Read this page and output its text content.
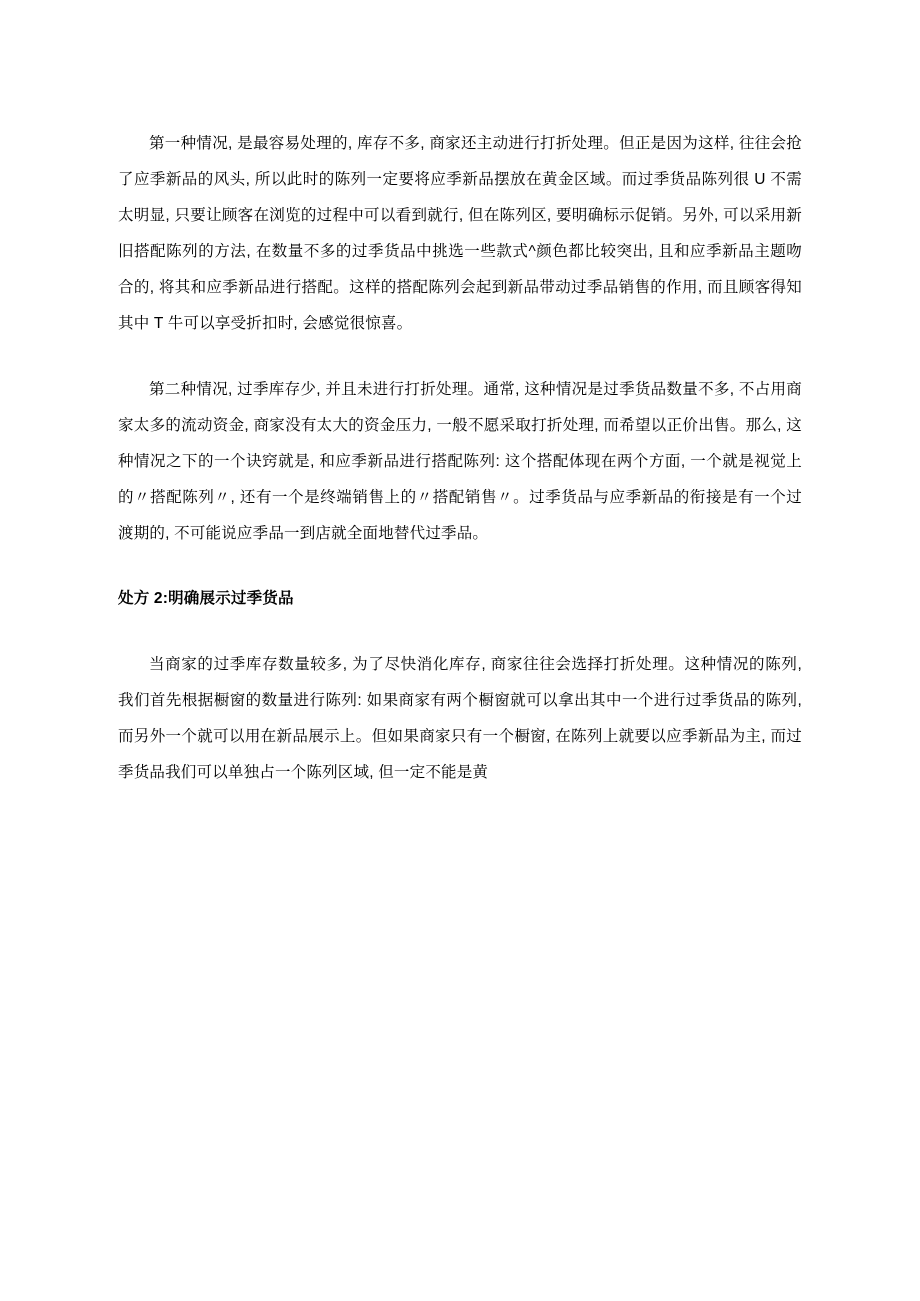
第一种情况, 是最容易处理的, 库存不多, 商家还主动进行打折处理。但正是因为这样, 往往会抢了应季新品的风头, 所以此时的陈列一定要将应季新品摆放在黄金区域。而过季货品陈列很 U 不需太明显, 只要让顾客在浏览的过程中可以看到就行, 但在陈列区, 要明确标示促销。另外, 可以采用新旧搭配陈列的方法, 在数量不多的过季货品中挑选一些款式^颜色都比较突出, 且和应季新品主题吻合的, 将其和应季新品进行搭配。这样的搭配陈列会起到新品带动过季品销售的作用, 而且顾客得知其中 T 牛可以享受折扣时, 会感觉很惊喜。

第二种情况, 过季库存少, 并且未进行打折处理。通常, 这种情况是过季货品数量不多, 不占用商家太多的流动资金, 商家没有太大的资金压力, 一般不愿采取打折处理, 而希望以正价出售。那么, 这种情况之下的一个诀窍就是, 和应季新品进行搭配陈列: 这个搭配体现在两个方面, 一个就是视觉上的〃搭配陈列〃, 还有一个是终端销售上的〃搭配销售〃。过季货品与应季新品的衔接是有一个过渡期的, 不可能说应季品一到店就全面地替代过季品。

处方 2:明确展示过季货品

当商家的过季库存数量较多, 为了尽快消化库存, 商家往往会选择打折处理。这种情况的陈列, 我们首先根据橱窗的数量进行陈列: 如果商家有两个橱窗就可以拿出其中一个进行过季货品的陈列, 而另外一个就可以用在新品展示上。但如果商家只有一个橱窗, 在陈列上就要以应季新品为主, 而过季货品我们可以单独占一个陈列区域, 但一定不能是黄
